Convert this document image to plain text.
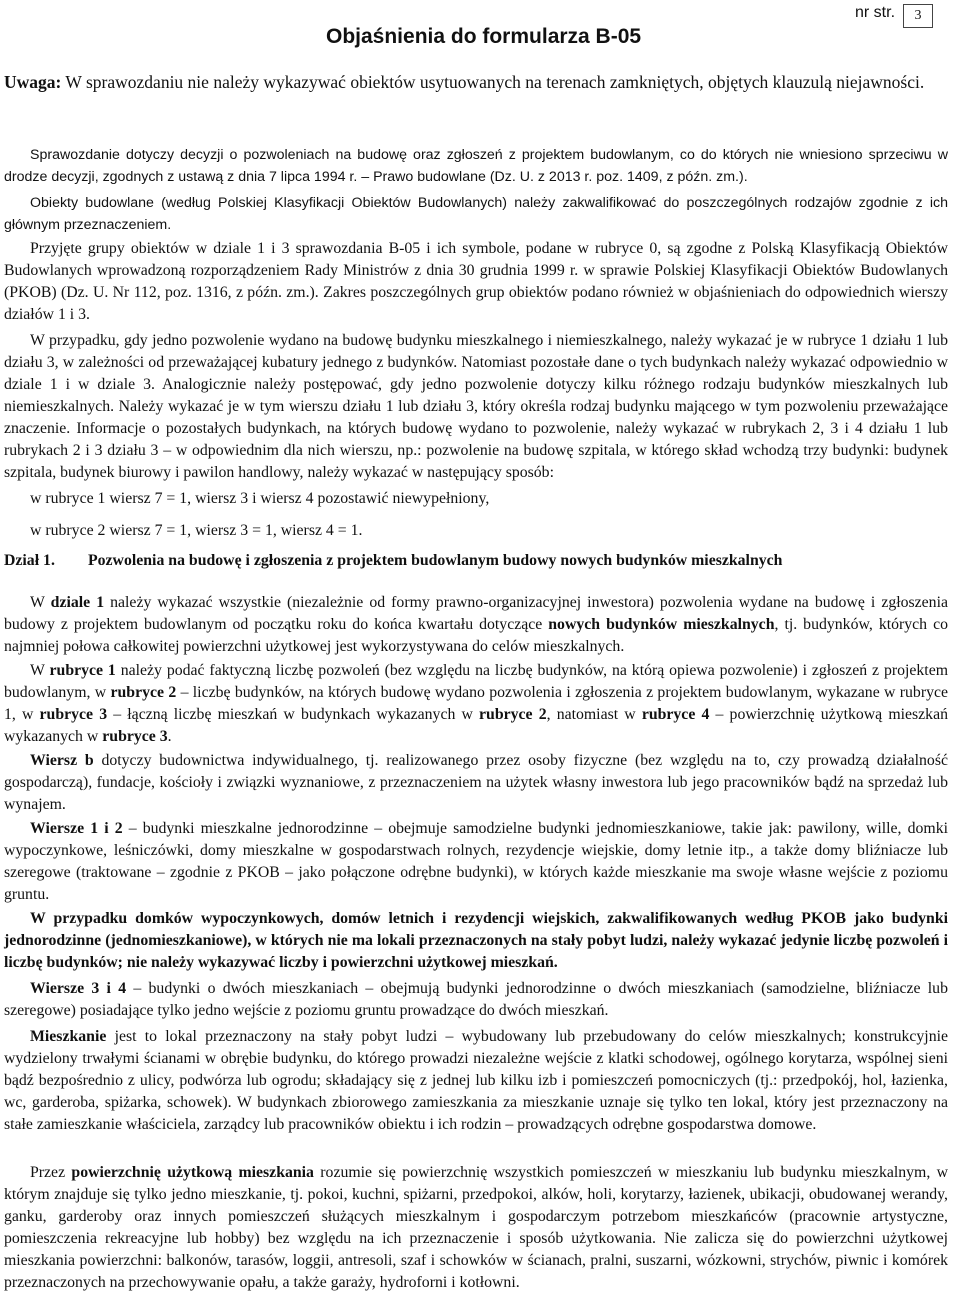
Objaśnienia do formularza B-05
nr str. 3

Uwaga: W sprawozdaniu nie należy wykazywać obiektów usytuowanych na terenach zamkniętych, objętych klauzulą niejawności.

Sprawozdanie dotyczy decyzji o pozwoleniach na budowę oraz zgłoszeń z projektem budowlanym, co do których nie wniesiono sprzeciwu w drodze decyzji, zgodnych z ustawą z dnia 7 lipca 1994 r. – Prawo budowlane (Dz. U. z 2013 r. poz. 1409, z późn. zm.).

Obiekty budowlane (według Polskiej Klasyfikacji Obiektów Budowlanych) należy zakwalifikować do poszczególnych rodzajów zgodnie z ich głównym przeznaczeniem.

Przyjęte grupy obiektów w dziale 1 i 3 sprawozdania B-05 i ich symbole, podane w rubryce 0, są zgodne z Polską Klasyfikacją Obiektów Budowlanych wprowadzoną rozporządzeniem Rady Ministrów z dnia 30 grudnia 1999 r. w sprawie Polskiej Klasyfikacji Obiektów Budowlanych (PKOB) (Dz. U. Nr 112, poz. 1316, z późn. zm.). Zakres poszczególnych grup obiektów podano również w objaśnieniach do odpowiednich wierszy działów 1 i 3.

W przypadku, gdy jedno pozwolenie wydano na budowę budynku mieszkalnego i niemieszkalnego, należy wykazać je w rubryce 1 działu 1 lub działu 3, w zależności od przeważającej kubatury jednego z budynków. Natomiast pozostałe dane o tych budynkach należy wykazać odpowiednio w dziale 1 i w dziale 3. Analogicznie należy postępować, gdy jedno pozwolenie dotyczy kilku różnego rodzaju budynków mieszkalnych lub niemieszkalnych. Należy wykazać je w tym wierszu działu 1 lub działu 3, który określa rodzaj budynku mającego w tym pozwoleniu przeważające znaczenie. Informacje o pozostałych budynkach, na których budowę wydano to pozwolenie, należy wykazać w rubrykach 2, 3 i 4 działu 1 lub rubrykach 2 i 3 działu 3 – w odpowiednim dla nich wierszu, np.: pozwolenie na budowę szpitala, w którego skład wchodzą trzy budynki: budynek szpitala, budynek biurowy i pawilon handlowy, należy wykazać w następujący sposób:

w rubryce 1 wiersz 7 = 1, wiersz 3 i wiersz 4 pozostawić niewypełniony,

w rubryce 2 wiersz 7 = 1, wiersz 3 = 1, wiersz 4 = 1.

Dział 1. Pozwolenia na budowę i zgłoszenia z projektem budowlanym budowy nowych budynków mieszkalnych

W dziale 1 należy wykazać wszystkie (niezależnie od formy prawno-organizacyjnej inwestora) pozwolenia wydane na budowę i zgłoszenia budowy z projektem budowlanym od początku roku do końca kwartału dotyczące nowych budynków mieszkalnych, tj. budynków, których co najmniej połowa całkowitej powierzchni użytkowej jest wykorzystywana do celów mieszkalnych.

W rubryce 1 należy podać faktyczną liczbę pozwoleń (bez względu na liczbę budynków, na którą opiewa pozwolenie) i zgłoszeń z projektem budowlanym, w rubryce 2 – liczbę budynków, na których budowę wydano pozwolenia i zgłoszenia z projektem budowlanym, wykazane w rubryce 1, w rubryce 3 – łączną liczbę mieszkań w budynkach wykazanych w rubryce 2, natomiast w rubryce 4 – powierzchnię użytkową mieszkań wykazanych w rubryce 3.

Wiersz b dotyczy budownictwa indywidualnego, tj. realizowanego przez osoby fizyczne (bez względu na to, czy prowadzą działalność gospodarczą), fundacje, kościoły i związki wyznaniowe, z przeznaczeniem na użytek własny inwestora lub jego pracowników bądź na sprzedaż lub wynajem.

Wiersze 1 i 2 – budynki mieszkalne jednorodzinne – obejmuje samodzielne budynki jednomieszkaniowe, takie jak: pawilony, wille, domki wypoczynkowe, leśniczówki, domy mieszkalne w gospodarstwach rolnych, rezydencje wiejskie, domy letnie itp., a także domy bliźniacze lub szeregowe (traktowane – zgodnie z PKOB – jako połączone odrębne budynki), w których każde mieszkanie ma swoje własne wejście z poziomu gruntu.

W przypadku domków wypoczynkowych, domów letnich i rezydencji wiejskich, zakwalifikowanych według PKOB jako budynki jednorodzinne (jednomieszkaniowe), w których nie ma lokali przeznaczonych na stały pobyt ludzi, należy wykazać jedynie liczbę pozwoleń i liczbę budynków; nie należy wykazywać liczby i powierzchni użytkowej mieszkań.

Wiersze 3 i 4 – budynki o dwóch mieszkaniach – obejmują budynki jednorodzinne o dwóch mieszkaniach (samodzielne, bliźniacze lub szeregowe) posiadające tylko jedno wejście z poziomu gruntu prowadzące do dwóch mieszkań.

Mieszkanie jest to lokal przeznaczony na stały pobyt ludzi – wybudowany lub przebudowany do celów mieszkalnych; konstrukcyjnie wydzielony trwałymi ścianami w obrębie budynku, do którego prowadzi niezależne wejście z klatki schodowej, ogólnego korytarza, wspólnej sieni bądź bezpośrednio z ulicy, podwórza lub ogrodu; składający się z jednej lub kilku izb i pomieszczeń pomocniczych (tj.: przedpokój, hol, łazienka, wc, garderoba, spiżarka, schowek). W budynkach zbiorowego zamieszkania za mieszkanie uznaje się tylko ten lokal, który jest przeznaczony na stałe zamieszkanie właściciela, zarządcy lub pracowników obiektu i ich rodzin – prowadzących odrębne gospodarstwa domowe.

Przez powierzchnię użytkową mieszkania rozumie się powierzchnię wszystkich pomieszczeń w mieszkaniu lub budynku mieszkalnym, w którym znajduje się tylko jedno mieszkanie, tj. pokoi, kuchni, spiżarni, przedpokoi, alków, holi, korytarzy, łazienek, ubikacji, obudowanej werandy, ganku, garderoby oraz innych pomieszczeń służących mieszkalnym i gospodarczym potrzebom mieszkańców (pracownie artystyczne, pomieszczenia rekreacyjne lub hobby) bez względu na ich przeznaczenie i sposób użytkowania. Nie zalicza się do powierzchni użytkowej mieszkania powierzchni: balkonów, tarasów, loggii, antresoli, szaf i schowków w ścianach, pralni, suszarni, wózkowni, strychów, piwnic i komórek przeznaczonych na przechowywanie opału, a także garaży, hydroforni i kotłowni.
